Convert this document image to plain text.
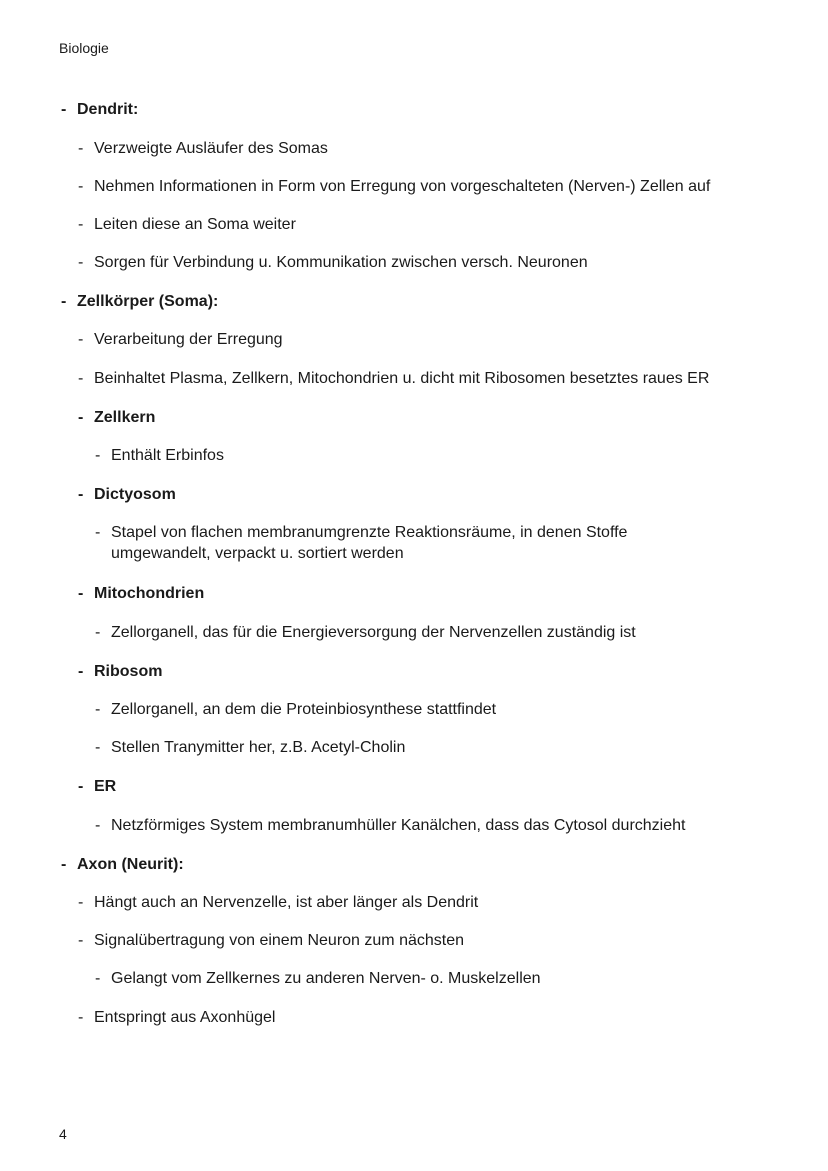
Biologie
- Dendrit:
- Verzweigte Ausläufer des Somas
- Nehmen Informationen in Form von Erregung von vorgeschalteten (Nerven-) Zellen auf
- Leiten diese an Soma weiter
- Sorgen für Verbindung u. Kommunikation zwischen versch. Neuronen
- Zellkörper (Soma):
- Verarbeitung der Erregung
- Beinhaltet Plasma, Zellkern, Mitochondrien u. dicht mit Ribosomen besetztes raues ER
- Zellkern
- Enthält Erbinfos
- Dictyosom
- Stapel von flachen membranumgrenzte Reaktionsräume, in denen Stoffe umgewandelt, verpackt u. sortiert werden
- Mitochondrien
- Zellorganell, das für die Energieversorgung der Nervenzellen zuständig ist
- Ribosom
- Zellorganell, an dem die Proteinbiosynthese stattfindet
- Stellen Tranymitter her, z.B. Acetyl-Cholin
- ER
- Netzförmiges System membranumhüller Kanälchen, dass das Cytosol durchzieht
- Axon (Neurit):
- Hängt auch an Nervenzelle, ist aber länger als Dendrit
- Signalübertragung von einem Neuron zum nächsten
- Gelangt vom Zellkernes zu anderen Nerven- o. Muskelzellen
- Entspringt aus Axonhügel
4
